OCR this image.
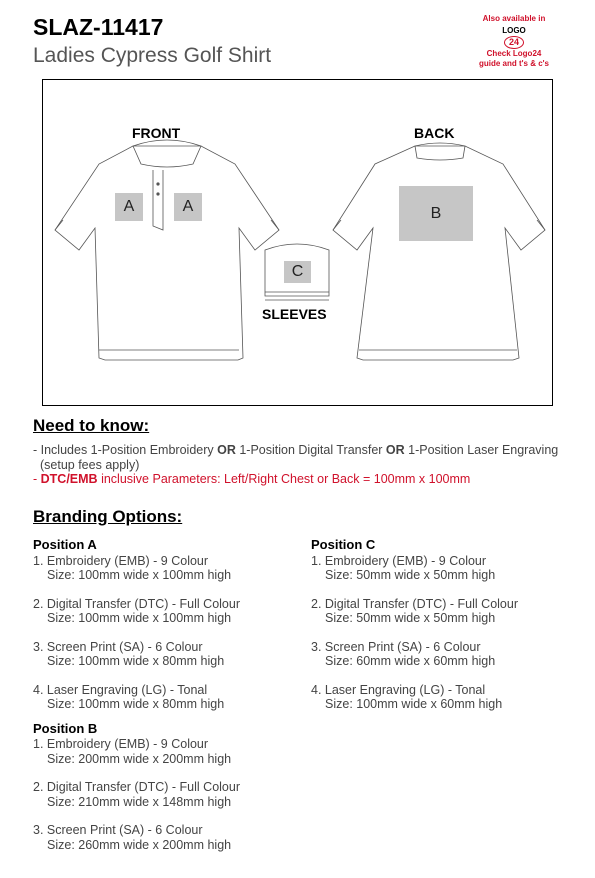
SLAZ-11417
Ladies Cypress Golf Shirt
Also available in
LOGO
24
Check Logo24
guide and t's & c's
FRONT	BACK
SLEEVES
A	A	B
C
Need to know:
- Includes 1-Position Embroidery OR 1-Position Digital Transfer OR 1-Position Laser Engraving
(setup fees apply)
- DTC/EMB inclusive Parameters: Left/Right Chest or Back = 100mm x 100mm
Branding Options:
Position A
1. Embroidery (EMB) - 9 Colour
Size: 100mm wide x 100mm high
2. Digital Transfer (DTC) - Full Colour
Size: 100mm wide x 100mm high
3. Screen Print (SA) - 6 Colour
Size: 100mm wide x 80mm high
4. Laser Engraving (LG) - Tonal
Size: 100mm wide x 80mm high
Position B
1. Embroidery (EMB) - 9 Colour
Size: 200mm wide x 200mm high
2. Digital Transfer (DTC) - Full Colour
Size: 210mm wide x 148mm high
3. Screen Print (SA) - 6 Colour
Size: 260mm wide x 200mm high
Position C
1. Embroidery (EMB) - 9 Colour
Size: 50mm wide x 50mm high
2. Digital Transfer (DTC) - Full Colour
Size: 50mm wide x 50mm high
3. Screen Print (SA) - 6 Colour
Size: 60mm wide x 60mm high
4. Laser Engraving (LG) - Tonal
Size: 100mm wide x 60mm high
